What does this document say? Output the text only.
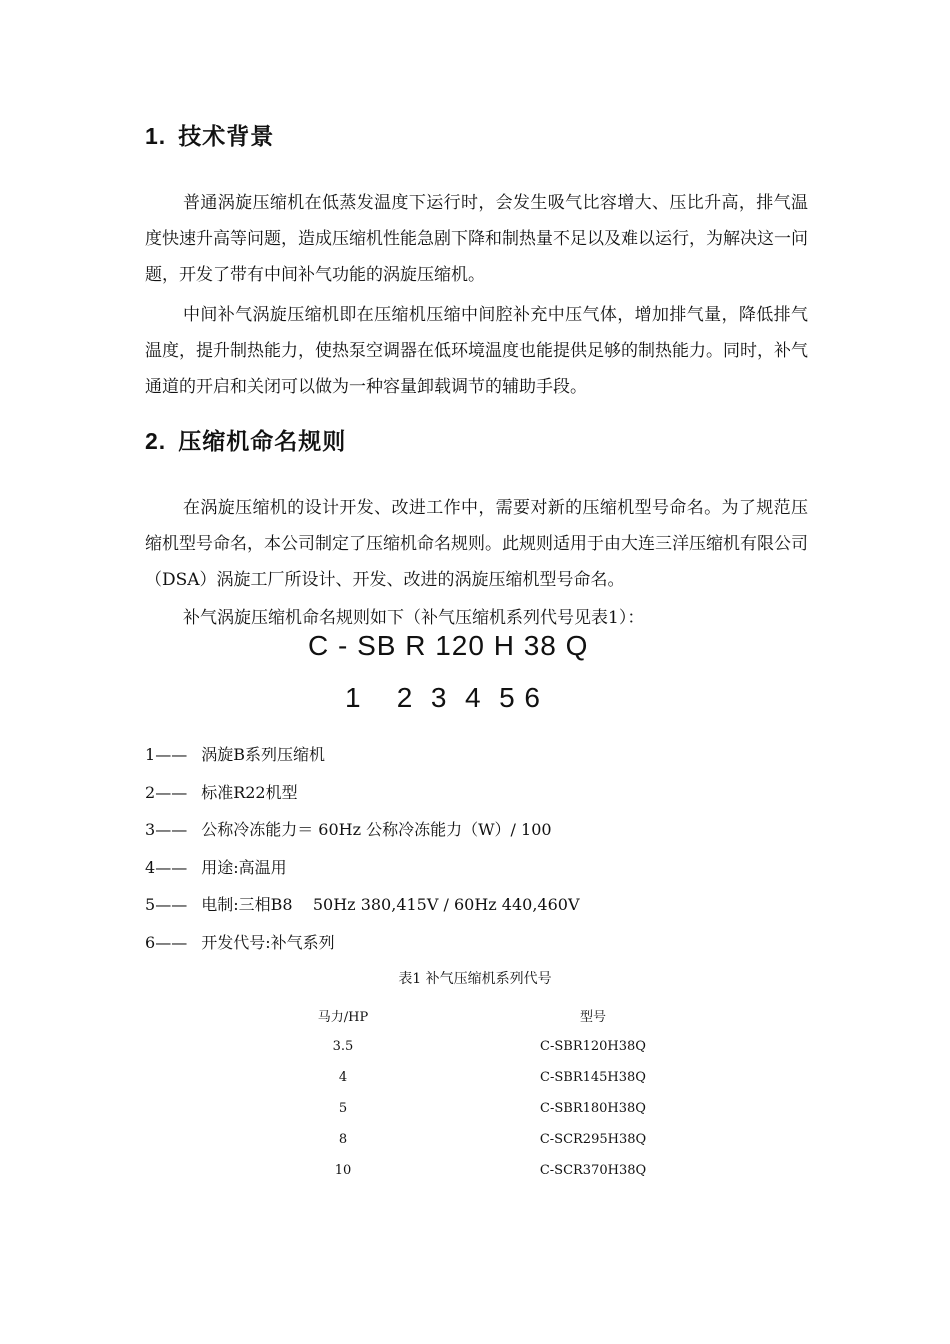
1. 技术背景
普通涡旋压缩机在低蒸发温度下运行时，会发生吸气比容增大、压比升高，排气温度快速升高等问题，造成压缩机性能急剧下降和制热量不足以及难以运行，为解决这一问题，开发了带有中间补气功能的涡旋压缩机。
中间补气涡旋压缩机即在压缩机压缩中间腔补充中压气体，增加排气量，降低排气温度，提升制热能力，使热泵空调器在低环境温度也能提供足够的制热能力。同时，补气通道的开启和关闭可以做为一种容量卸载调节的辅助手段。
2. 压缩机命名规则
在涡旋压缩机的设计开发、改进工作中，需要对新的压缩机型号命名。为了规范压缩机型号命名，本公司制定了压缩机命名规则。此规则适用于由大连三洋压缩机有限公司（DSA）涡旋工厂所设计、开发、改进的涡旋压缩机型号命名。
补气涡旋压缩机命名规则如下（补气压缩机系列代号见表1）：
C - SB R 120 H 38 Q
1    2  3  4  5 6
1—— 涡旋B系列压缩机
2—— 标准R22机型
3—— 公称冷冻能力＝ 60Hz 公称冷冻能力（W）/ 100
4—— 用途:高温用
5—— 电制:三相B8    50Hz 380,415V / 60Hz 440,460V
6—— 开发代号:补气系列
表1 补气压缩机系列代号
马力/HP	型号
3.5	C-SBR120H38Q
4	C-SBR145H38Q
5	C-SBR180H38Q
8	C-SCR295H38Q
10	C-SCR370H38Q
